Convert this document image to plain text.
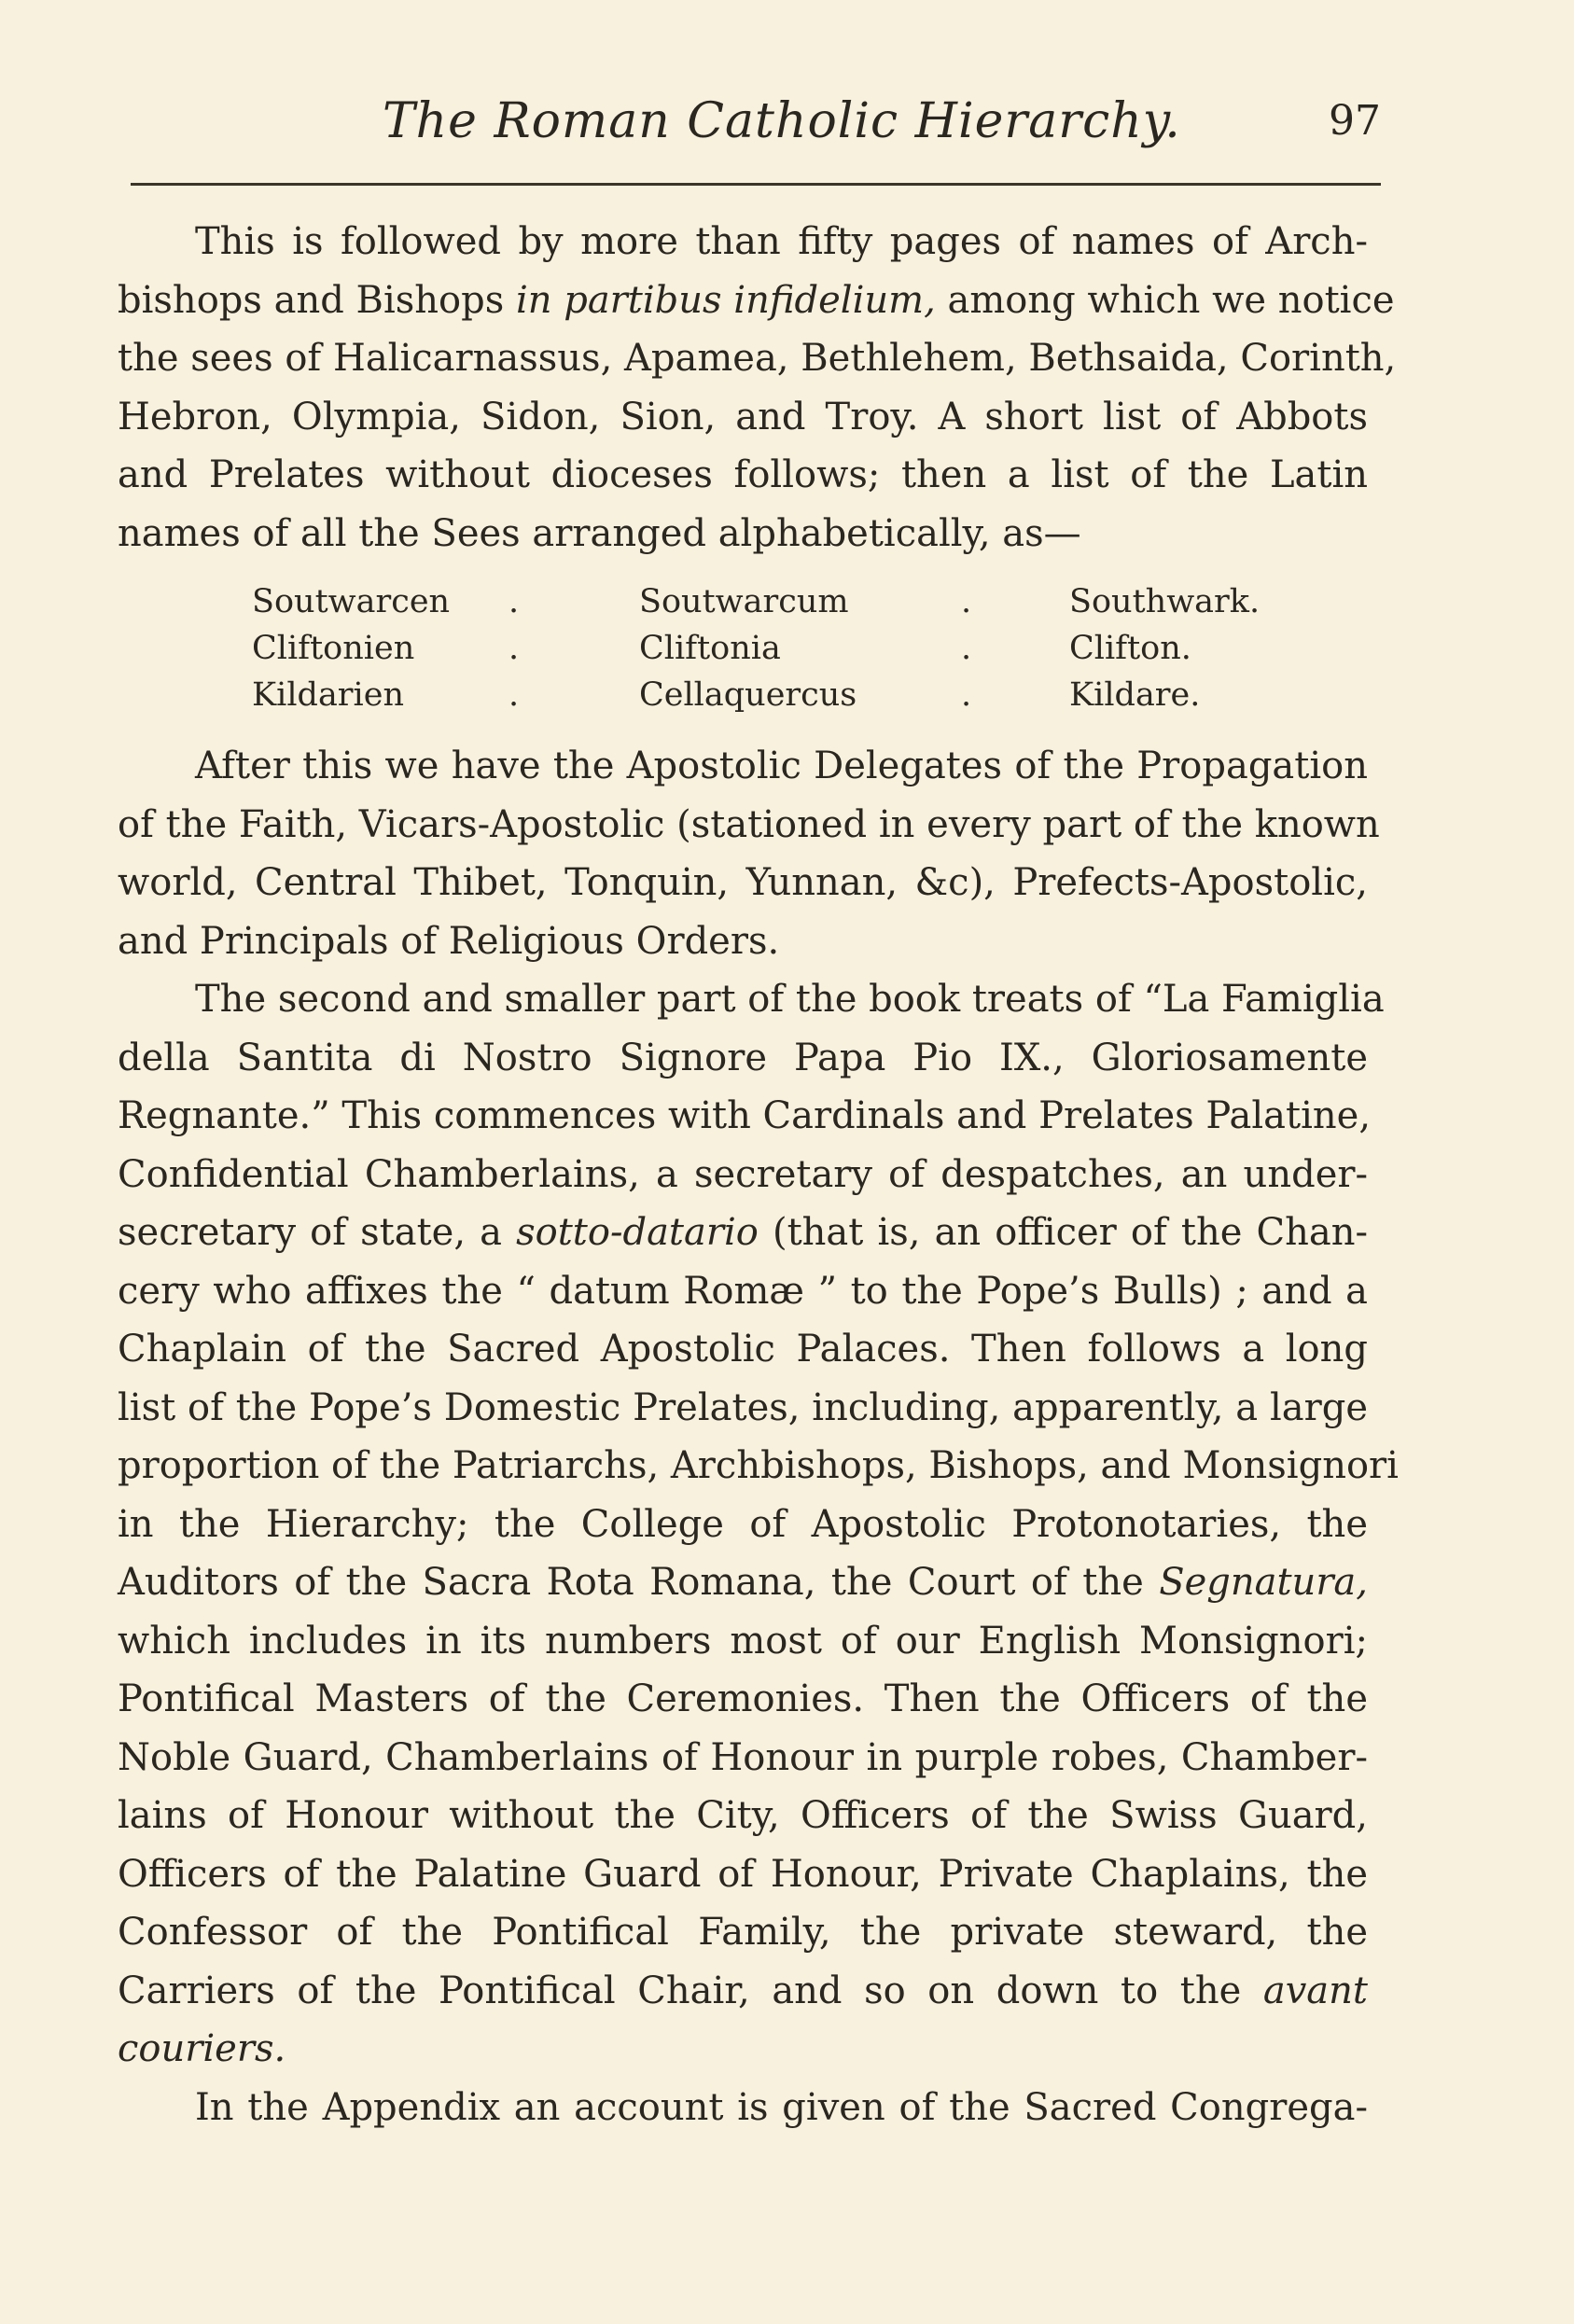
The Roman Catholic Hierarchy.	97
This is followed by more than fifty pages of names of Arch-
bishops and Bishops in partibus infidelium, among which we notice
the sees of Halicarnassus, Apamea, Bethlehem, Bethsaida, Corinth,
Hebron, Olympia, Sidon, Sion, and Troy. A short list of Abbots
and Prelates without dioceses follows; then a list of the Latin
names of all the Sees arranged alphabetically, as—
Soutwarcen .	Soutwarcum	.	Southwark.
Cliftonien	.	Cliftonia	.	Clifton.
Kildarien	.	Cellaquercus	.	Kildare.
After this we have the Apostolic Delegates of the Propagation
of the Faith, Vicars-Apostolic (stationed in every part of the known
world, Central Thibet, Tonquin, Yunnan, &c), Prefects-Apostolic,
and Principals of Religious Orders.
The second and smaller part of the book treats of “La Famiglia
della Santita di Nostro Signore Papa Pio IX., Gloriosamente
Regnante.” This commences with Cardinals and Prelates Palatine,
Confidential Chamberlains, a secretary of despatches, an under-
secretary of state, a sotto-datario (that is, an officer of the Chan-
cery who affixes the “ datum Romæ ” to the Pope’s Bulls) ; and a
Chaplain of the Sacred Apostolic Palaces. Then follows a long
list of the Pope’s Domestic Prelates, including, apparently, a large
proportion of the Patriarchs, Archbishops, Bishops, and Monsignori
in the Hierarchy; the College of Apostolic Protonotaries, the
Auditors of the Sacra Rota Romana, the Court of the Segnatura,
which includes in its numbers most of our English Monsignori;
Pontifical Masters of the Ceremonies. Then the Officers of the
Noble Guard, Chamberlains of Honour in purple robes, Chamber-
lains of Honour without the City, Officers of the Swiss Guard,
Officers of the Palatine Guard of Honour, Private Chaplains, the
Confessor of the Pontifical Family, the private steward, the
Carriers of the Pontifical Chair, and so on down to the avant
couriers.
In the Appendix an account is given of the Sacred Congrega-
